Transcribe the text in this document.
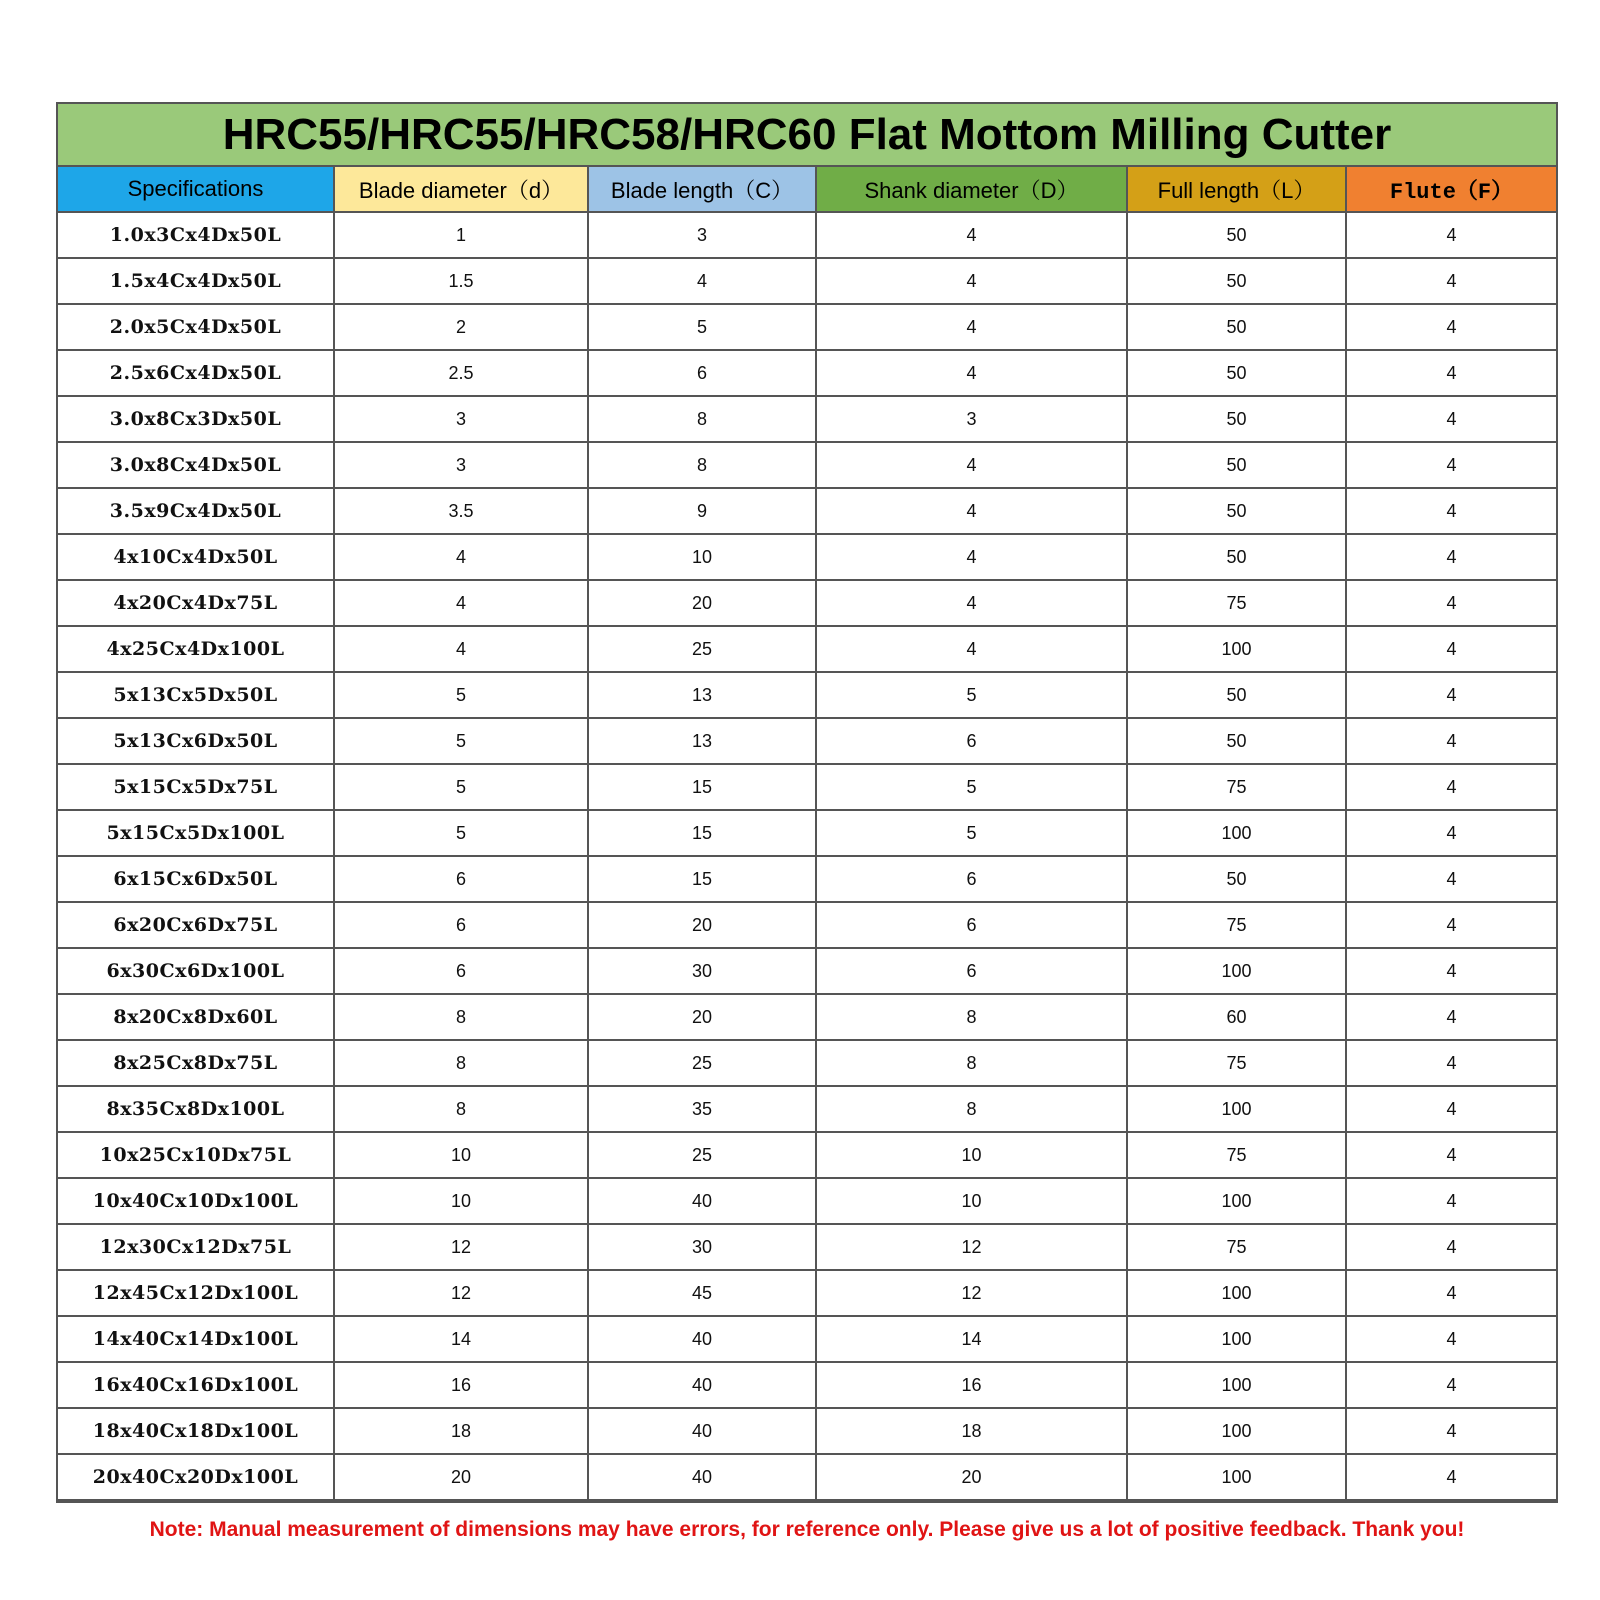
HRC55/HRC55/HRC58/HRC60 Flat Mottom Milling Cutter
Specifications	Blade diameter（d）	Blade length（C）	Shank diameter（D）	Full length（L）	Flute（F）
1.0x3Cx4Dx50L	1	3	4	50	4
1.5x4Cx4Dx50L	1.5	4	4	50	4
2.0x5Cx4Dx50L	2	5	4	50	4
2.5x6Cx4Dx50L	2.5	6	4	50	4
3.0x8Cx3Dx50L	3	8	3	50	4
3.0x8Cx4Dx50L	3	8	4	50	4
3.5x9Cx4Dx50L	3.5	9	4	50	4
4x10Cx4Dx50L	4	10	4	50	4
4x20Cx4Dx75L	4	20	4	75	4
4x25Cx4Dx100L	4	25	4	100	4
5x13Cx5Dx50L	5	13	5	50	4
5x13Cx6Dx50L	5	13	6	50	4
5x15Cx5Dx75L	5	15	5	75	4
5x15Cx5Dx100L	5	15	5	100	4
6x15Cx6Dx50L	6	15	6	50	4
6x20Cx6Dx75L	6	20	6	75	4
6x30Cx6Dx100L	6	30	6	100	4
8x20Cx8Dx60L	8	20	8	60	4
8x25Cx8Dx75L	8	25	8	75	4
8x35Cx8Dx100L	8	35	8	100	4
10x25Cx10Dx75L	10	25	10	75	4
10x40Cx10Dx100L	10	40	10	100	4
12x30Cx12Dx75L	12	30	12	75	4
12x45Cx12Dx100L	12	45	12	100	4
14x40Cx14Dx100L	14	40	14	100	4
16x40Cx16Dx100L	16	40	16	100	4
18x40Cx18Dx100L	18	40	18	100	4
20x40Cx20Dx100L	20	40	20	100	4
Note: Manual measurement of dimensions may have errors, for reference only. Please give us a lot of positive feedback. Thank you!
